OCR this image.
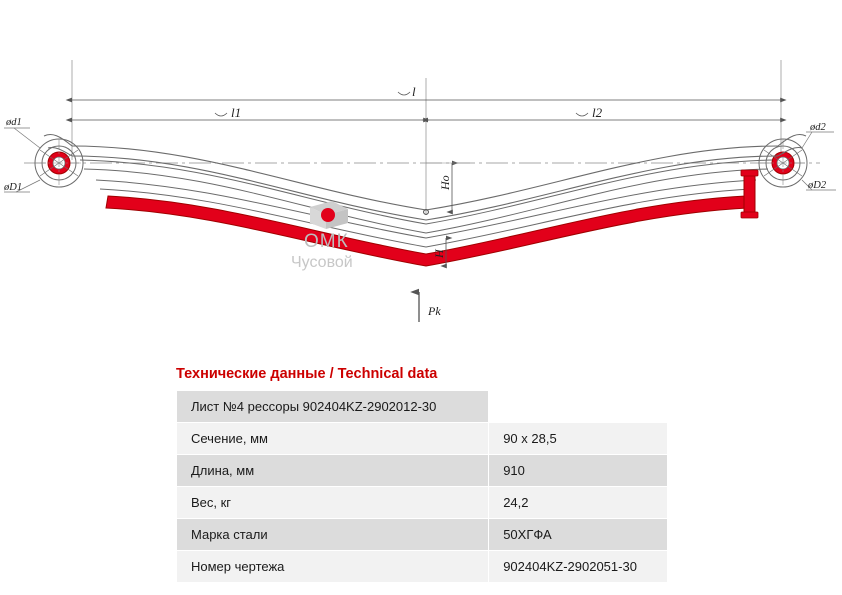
l
l1	l2
ød1
øD1
ød2
øD2
Ho
H
Pk
ОМК
Чусовой
Технические данные / Technical data
Лист №4 рессоры 902404KZ-2902012-30	
Сечение, мм	90 x 28,5
Длина, мм	910
Вес, кг	24,2
Марка стали	50ХГФА
Номер чертежа	902404KZ-2902051-30
